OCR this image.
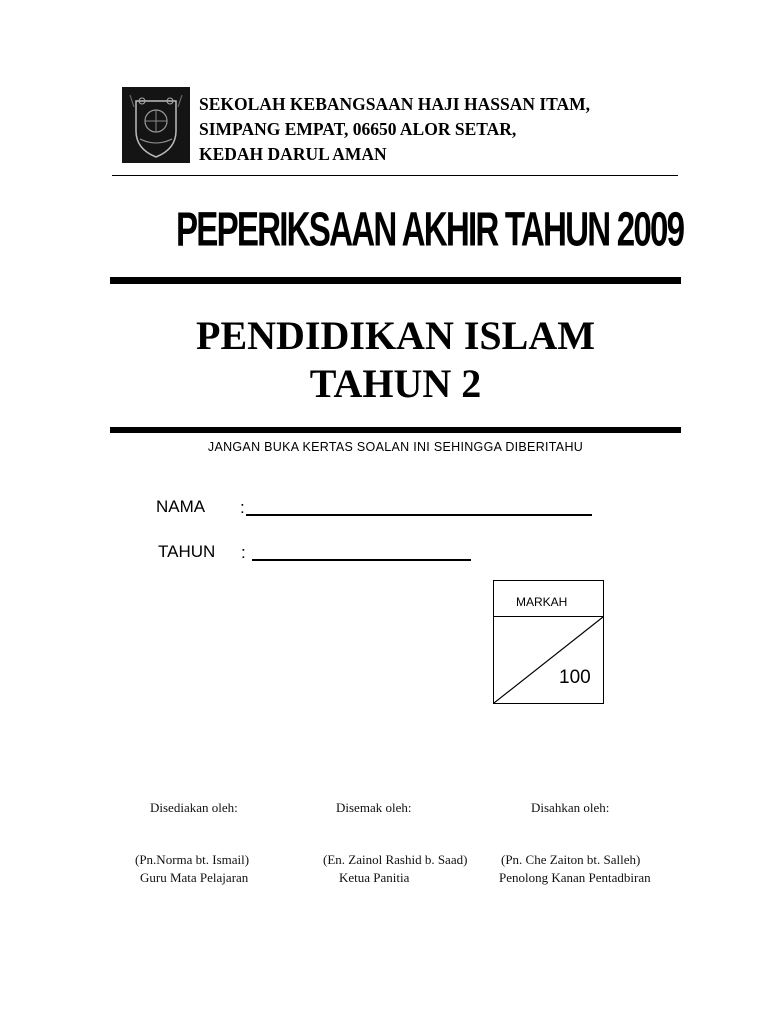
SEKOLAH KEBANGSAAN HAJI HASSAN ITAM,
SIMPANG EMPAT, 06650 ALOR SETAR,
KEDAH DARUL AMAN
PEPERIKSAAN AKHIR TAHUN 2009
PENDIDIKAN ISLAM
TAHUN 2
JANGAN BUKA KERTAS SOALAN INI SEHINGGA DIBERITAHU
NAMA :
TAHUN :
MARKAH
100
Disediakan oleh:	Disemak oleh:	Disahkan oleh:
(Pn.Norma bt. Ismail)	(En. Zainol Rashid b. Saad)	(Pn. Che Zaiton bt. Salleh)
Guru Mata Pelajaran	Ketua Panitia	Penolong Kanan Pentadbiran
